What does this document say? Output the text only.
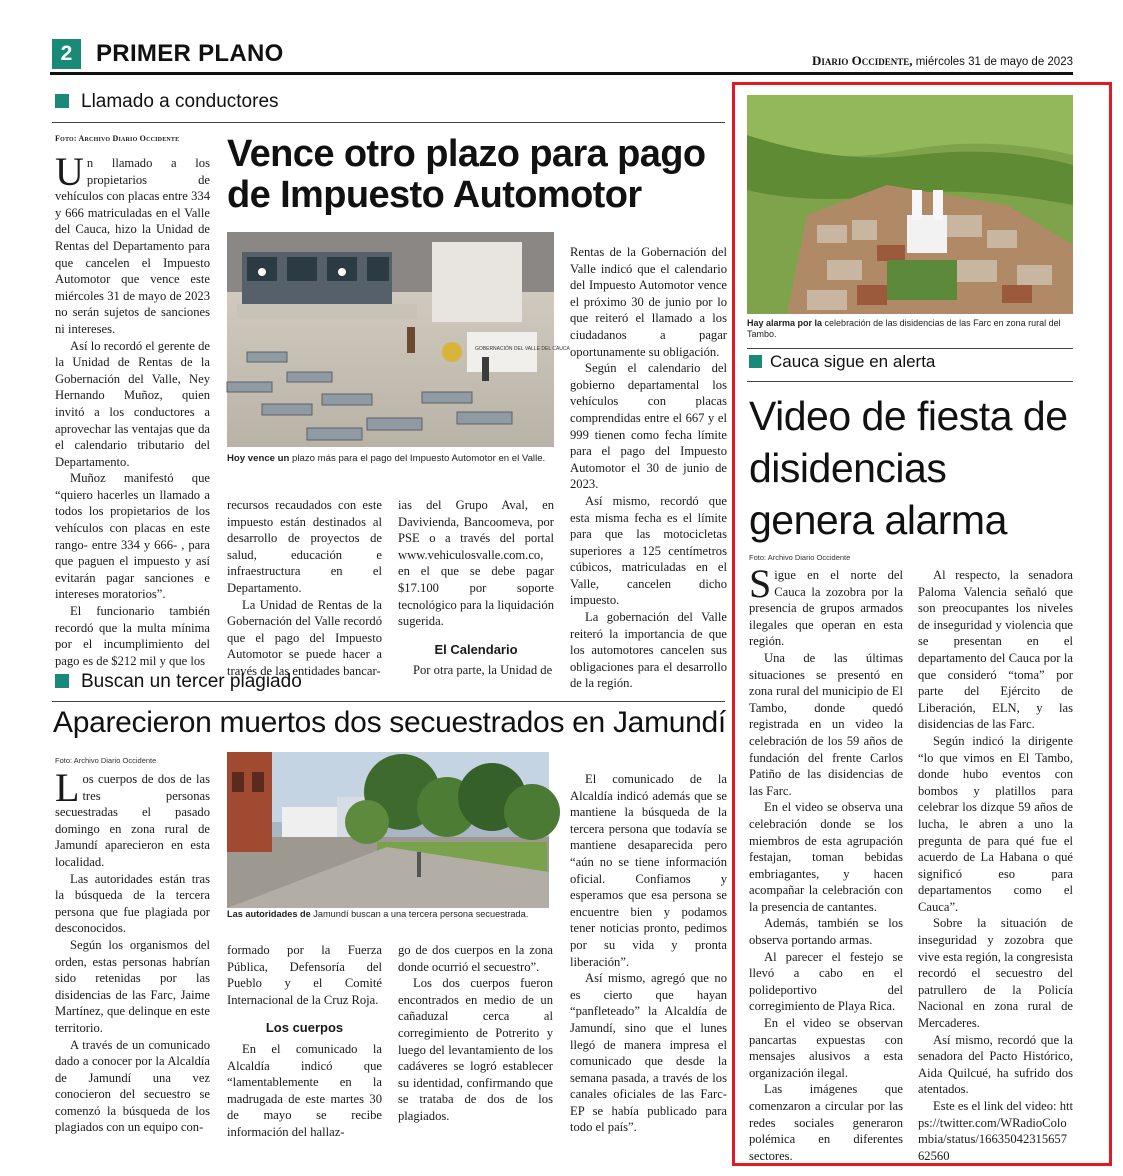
2 PRIMER PLANO	Diario Occidente, miércoles 31 de mayo de 2023
Llamado a conductores
Foto: Archivo Diario Occidente Vence otro plazo para pago de Impuesto Automotor
GOBERNACIÓN DEL VALLE DEL CAUCA
Hoy vence un plazo más para el pago del Impuesto Automotor en el Valle.

Un llamado a los propietarios de vehículos con placas entre 334 y 666 matriculadas en el Valle del Cauca, hizo la Unidad de Rentas del Departamento para que cancelen el Impuesto Automotor que vence este miércoles 31 de mayo de 2023 no serán sujetos de sanciones ni intereses.

Así lo recordó el gerente de la Unidad de Rentas de la Gobernación del Valle, Ney Hernando Muñoz, quien invitó a los conductores a aprovechar las ventajas que da el calendario tributario del Departamento.

Muñoz manifestó que “quiero hacerles un llamado a todos los propietarios de los vehículos con placas en este rango- entre 334 y 666- , para que paguen el impuesto y así evitarán pagar sanciones e intereses moratorios”.

El funcionario también recordó que la multa mínima por el incumplimiento del pago es de $212 mil y que los

recursos recaudados con este impuesto están destinados al desarrollo de proyectos de salud, educación e infraestructura en el Departamento.

La Unidad de Rentas de la Gobernación del Valle recordó que el pago del Impuesto Automotor se puede hacer a través de las entidades bancar-

ias del Grupo Aval, en Davivienda, Bancoomeva, por PSE o a través del portal www.vehiculosvalle.com.co, en el que se debe pagar $17.100 por soporte tecnológico para la liquidación sugerida.

El Calendario

Por otra parte, la Unidad de

Rentas de la Gobernación del Valle indicó que el calendario del Impuesto Automotor vence el próximo 30 de junio por lo que reiteró el llamado a los ciudadanos a pagar oportunamente su obligación.

Según el calendario del gobierno departamental los vehículos con placas comprendidas entre el 667 y el 999 tienen como fecha límite para el pago del Impuesto Automotor el 30 de junio de 2023.

Así mismo, recordó que esta misma fecha es el límite para que las motocicletas superiores a 125 centímetros cúbicos, matriculadas en el Valle, cancelen dicho impuesto.

La gobernación del Valle reiteró la importancia de que los automotores cancelen sus obligaciones para el desarrollo de la región.

Buscan un tercer plagiado
Aparecieron muertos dos secuestrados en Jamundí
Foto: Archivo Diario Occidente
Las autoridades de Jamundí buscan a una tercera persona secuestrada.

Los cuerpos de dos de las tres personas secuestradas el pasado domingo en zona rural de Jamundí aparecieron en esta localidad.

Las autoridades están tras la búsqueda de la tercera persona que fue plagiada por desconocidos.

Según los organismos del orden, estas personas habrían sido retenidas por las disidencias de las Farc, Jaime Martínez, que delinque en este territorio.

A través de un comunicado dado a conocer por la Alcaldía de Jamundí una vez conocieron del secuestro se comenzó la búsqueda de los plagiados con un equipo con-

formado por la Fuerza Pública, Defensoría del Pueblo y el Comité Internacional de la Cruz Roja.

Los cuerpos

En el comunicado la Alcaldía indicó que “lamentablemente en la madrugada de este martes 30 de mayo se recibe información del hallaz-

go de dos cuerpos en la zona donde ocurrió el secuestro”.

Los dos cuerpos fueron encontrados en medio de un cañaduzal cerca al corregimiento de Potrerito y luego del levantamiento de los cadáveres se logró establecer su identidad, confirmando que se trataba de dos de los plagiados.

El comunicado de la Alcaldía indicó además que se mantiene la búsqueda de la tercera persona que todavía se mantiene desaparecida pero “aún no se tiene información oficial. Confiamos y esperamos que esa persona se encuentre bien y podamos tener noticias pronto, pedimos por su vida y pronta liberación”.

Así mismo, agregó que no es cierto que hayan “panfleteado” la Alcaldía de Jamundí, sino que el lunes llegó de manera impresa el comunicado que desde la semana pasada, a través de los canales oficiales de las Farc-EP se había publicado para todo el país”.

Hay alarma por la celebración de las disidencias de las Farc en zona rural del Tambo.
Cauca sigue en alerta
Video de fiesta de disidencias genera alarma
Foto: Archivo Diario Occidente

Sigue en el norte del Cauca la zozobra por la presencia de grupos armados ilegales que operan en esta región.

Una de las últimas situaciones se presentó en zona rural del municipio de El Tambo, donde quedó registrada en un video la celebración de los 59 años de fundación del frente Carlos Patiño de las disidencias de las Farc.

En el video se observa una celebración donde se los miembros de esta agrupación festajan, toman bebidas embriagantes, y hacen acompañar la celebración con la presencia de cantantes.

Además, también se los observa portando armas.

Al parecer el festejo se llevó a cabo en el polideportivo del corregimiento de Playa Rica.

En el video se observan pancartas expuestas con mensajes alusivos a esta organización ilegal.

Las imágenes que comenzaron a circular por las redes sociales generaron polémica en diferentes sectores.

Al respecto, la senadora Paloma Valencia señaló que son preocupantes los niveles de inseguridad y violencia que se presentan en el departamento del Cauca por la que consideró “toma” por parte del Ejército de Liberación, ELN, y las disidencias de las Farc.

Según indicó la dirigente “lo que vimos en El Tambo, donde hubo eventos con bombos y platillos para celebrar los dizque 59 años de lucha, le abren a uno la pregunta de para qué fue el acuerdo de La Habana o qué significó eso para departamentos como el Cauca”.

Sobre la situación de inseguridad y zozobra que vive esta región, la congresista recordó el secuestro del patrullero de la Policía Nacional en zona rural de Mercaderes.

Así mismo, recordó que la senadora del Pacto Histórico, Aida Quilcué, ha sufrido dos atentados.

Este es el link del video: https://twitter.com/WRadioColombia/status/1663504231565762560
